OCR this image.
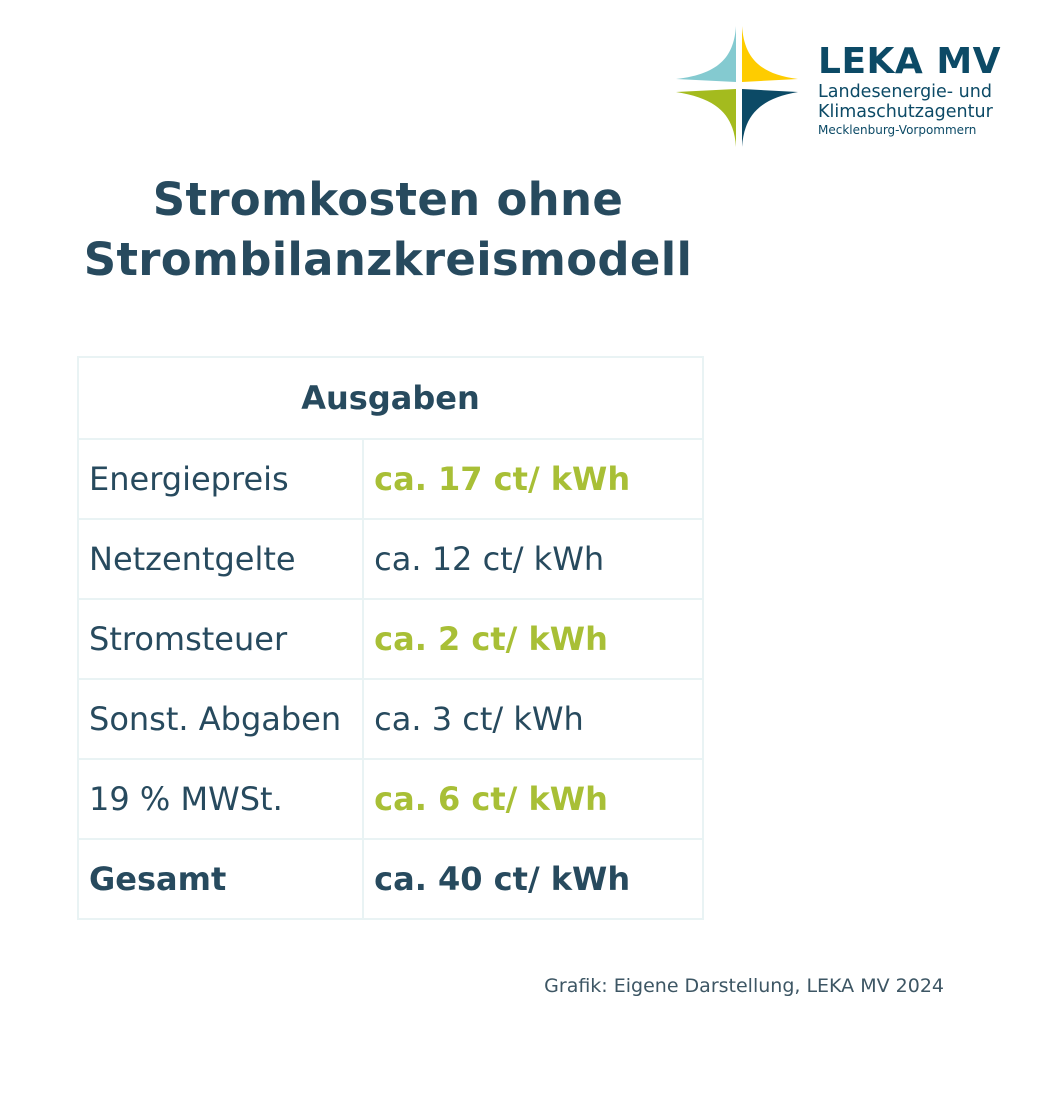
LEKA MV
Landesenergie- und
Klimaschutzagentur
Mecklenburg-Vorpommern
Stromkosten ohne
Strombilanzkreismodell
Ausgaben	
Energiepreis	ca. 17 ct/ kWh
Netzentgelte	ca. 12 ct/ kWh
Stromsteuer	ca. 2 ct/ kWh
Sonst. Abgaben	ca. 3 ct/ kWh
19 % MWSt.	ca. 6 ct/ kWh
Gesamt	ca. 40 ct/ kWh
Grafik: Eigene Darstellung, LEKA MV 2024
